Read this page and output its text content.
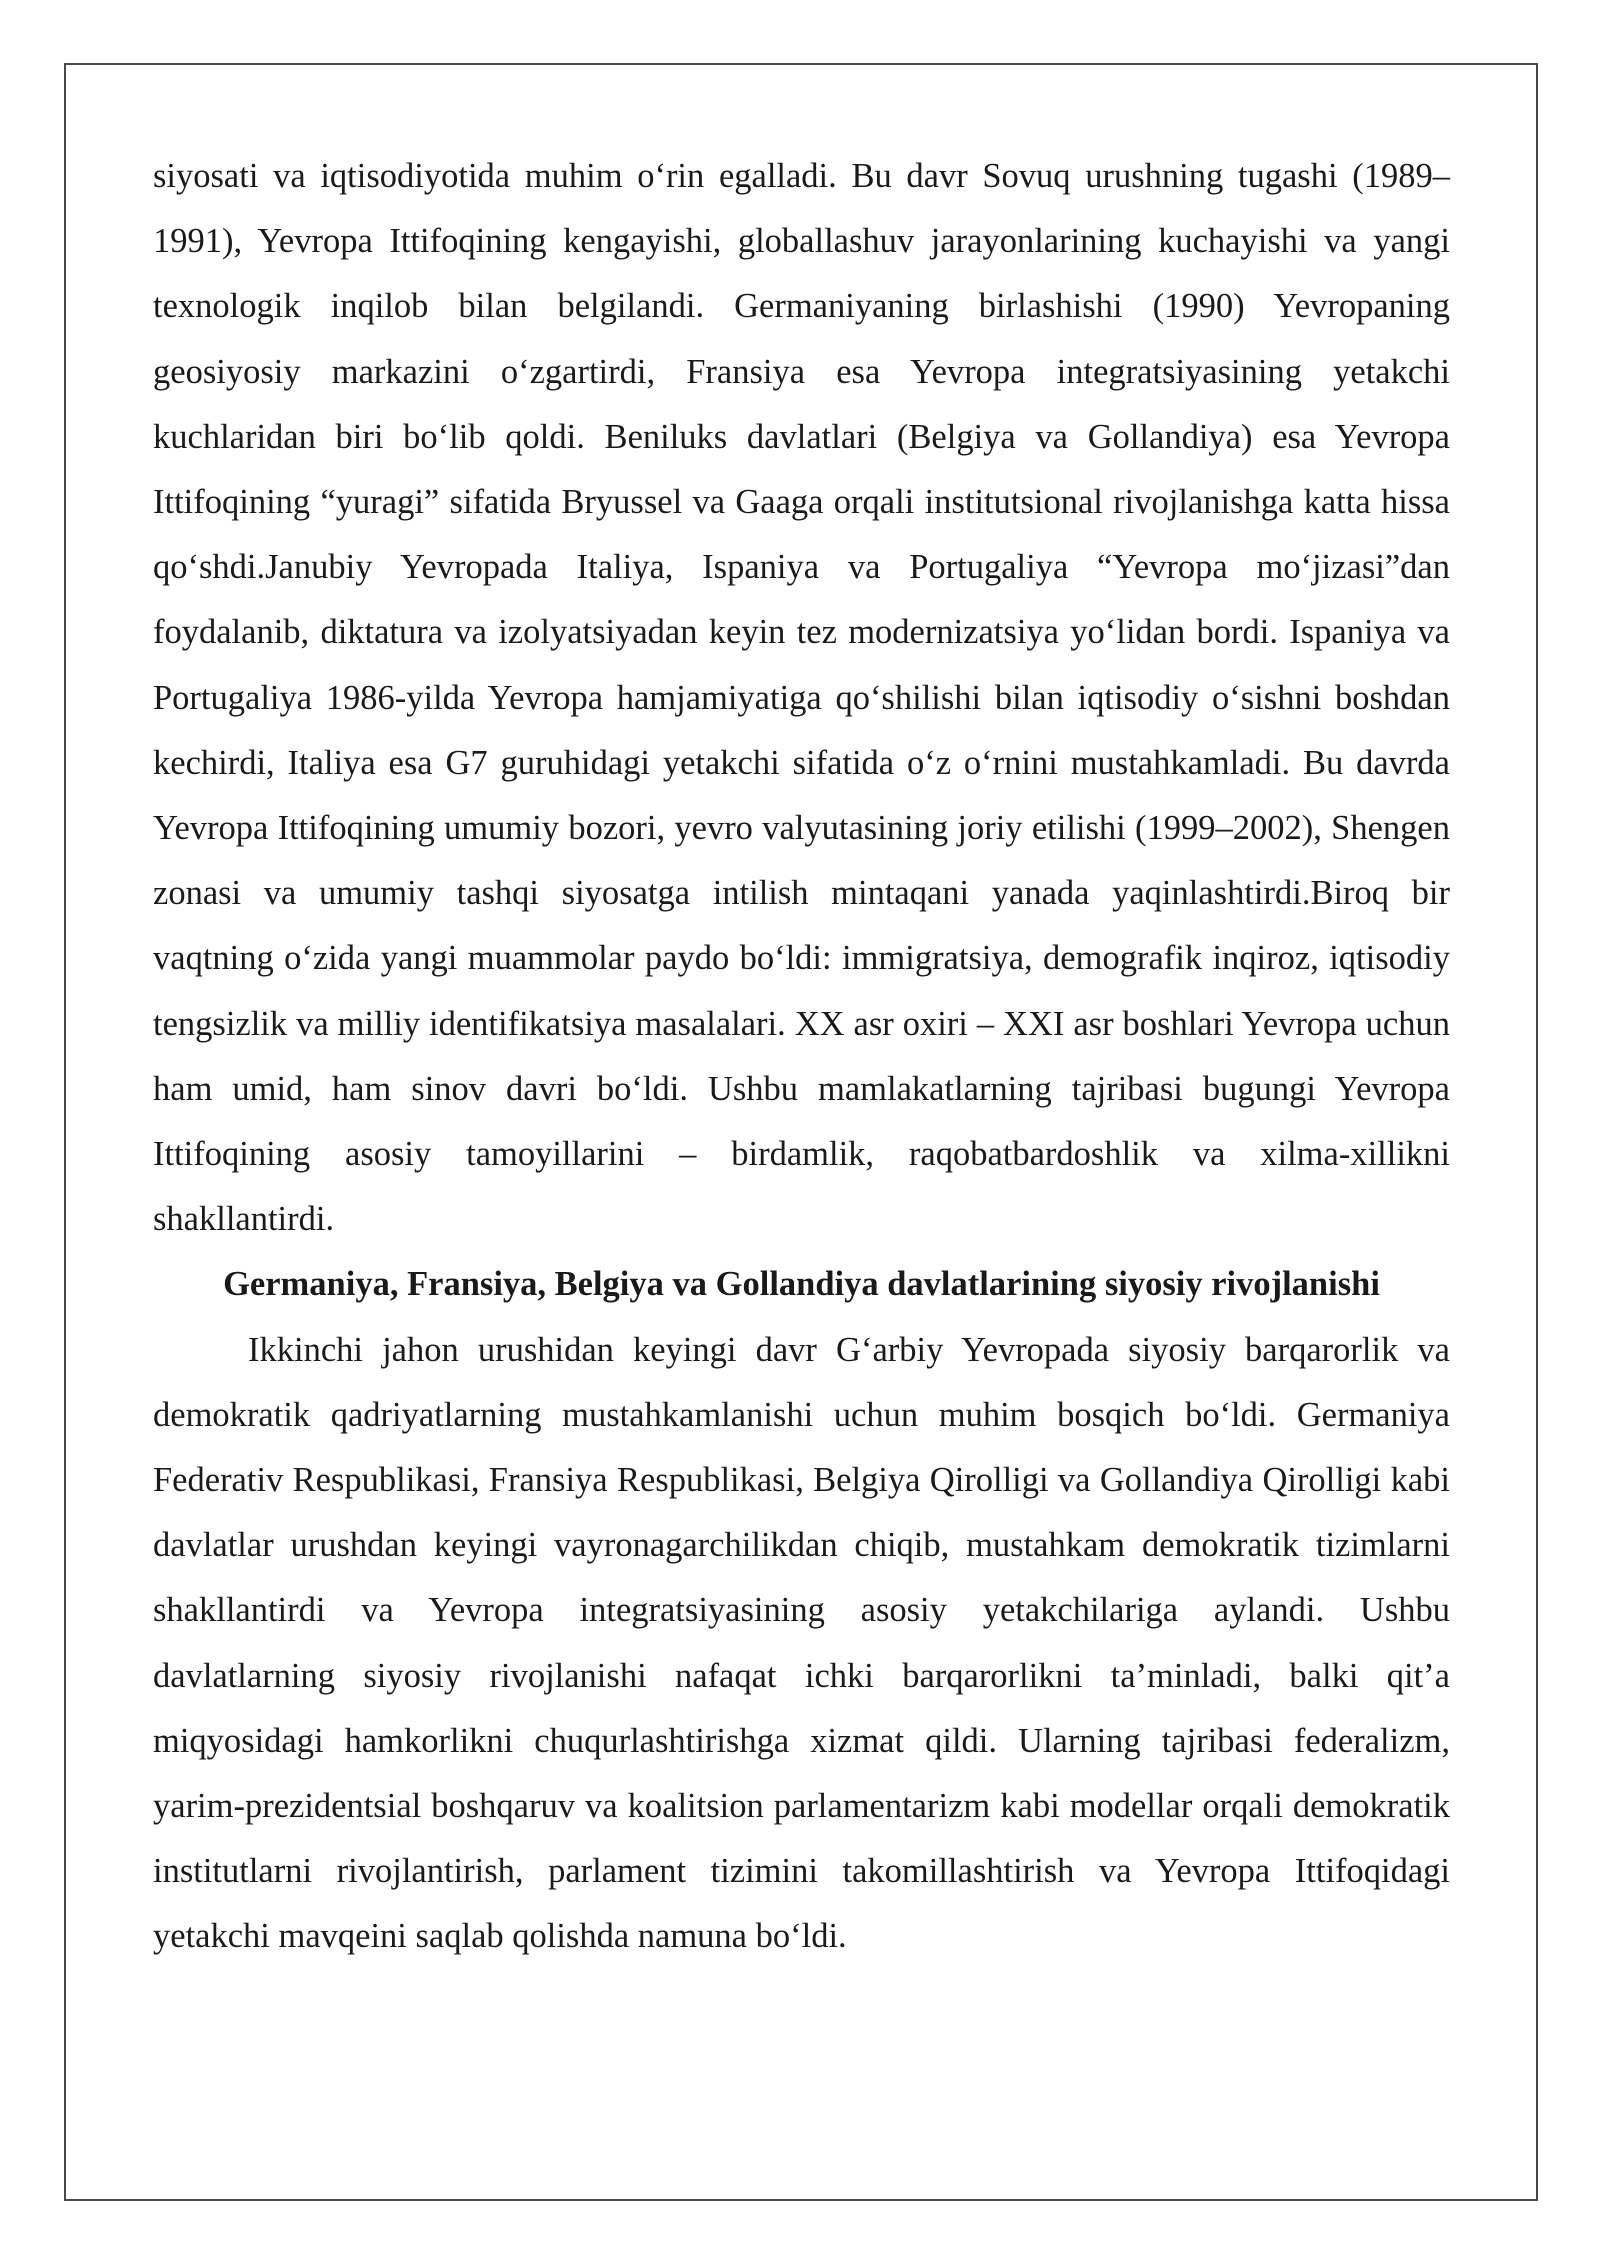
siyosati va iqtisodiyotida muhim o‘rin egalladi. Bu davr Sovuq urushning tugashi (1989–1991), Yevropa Ittifoqining kengayishi, globallashuv jarayonlarining kuchayishi va yangi texnologik inqilob bilan belgilandi. Germaniyaning birlashishi (1990) Yevropaning geosiyosiy markazini o‘zgartirdi, Fransiya esa Yevropa integratsiyasining yetakchi kuchlaridan biri bo‘lib qoldi. Beniluks davlatlari (Belgiya va Gollandiya) esa Yevropa Ittifoqining “yuragi” sifatida Bryussel va Gaaga orqali institutsional rivojlanishga katta hissa qo‘shdi.Janubiy Yevropada Italiya, Ispaniya va Portugaliya “Yevropa mo‘jizasi”dan foydalanib, diktatura va izolyatsiyadan keyin tez modernizatsiya yo‘lidan bordi. Ispaniya va Portugaliya 1986-yilda Yevropa hamjamiyatiga qo‘shilishi bilan iqtisodiy o‘sishni boshdan kechirdi, Italiya esa G7 guruhidagi yetakchi sifatida o‘z o‘rnini mustahkamladi. Bu davrda Yevropa Ittifoqining umumiy bozori, yevro valyutasining joriy etilishi (1999–2002), Shengen zonasi va umumiy tashqi siyosatga intilish mintaqani yanada yaqinlashtirdi.Biroq bir vaqtning o‘zida yangi muammolar paydo bo‘ldi: immigratsiya, demografik inqiroz, iqtisodiy tengsizlik va milliy identifikatsiya masalalari. XX asr oxiri – XXI asr boshlari Yevropa uchun ham umid, ham sinov davri bo‘ldi. Ushbu mamlakatlarning tajribasi bugungi Yevropa Ittifoqining asosiy tamoyillarini – birdamlik, raqobatbardoshlik va xilma-xillikni shakllantirdi.

Germaniya, Fransiya, Belgiya va Gollandiya davlatlarining siyosiy rivojlanishi

Ikkinchi jahon urushidan keyingi davr G‘arbiy Yevropada siyosiy barqarorlik va demokratik qadriyatlarning mustahkamlanishi uchun muhim bosqich bo‘ldi. Germaniya Federativ Respublikasi, Fransiya Respublikasi, Belgiya Qirolligi va Gollandiya Qirolligi kabi davlatlar urushdan keyingi vayronagarchilikdan chiqib, mustahkam demokratik tizimlarni shakllantirdi va Yevropa integratsiyasining asosiy yetakchilariga aylandi. Ushbu davlatlarning siyosiy rivojlanishi nafaqat ichki barqarorlikni ta’minladi, balki qit’a miqyosidagi hamkorlikni chuqurlashtirishga xizmat qildi. Ularning tajribasi federalizm, yarim-prezidentsial boshqaruv va koalitsion parlamentarizm kabi modellar orqali demokratik institutlarni rivojlantirish, parlament tizimini takomillashtirish va Yevropa Ittifoqidagi yetakchi mavqeini saqlab qolishda namuna bo‘ldi.
